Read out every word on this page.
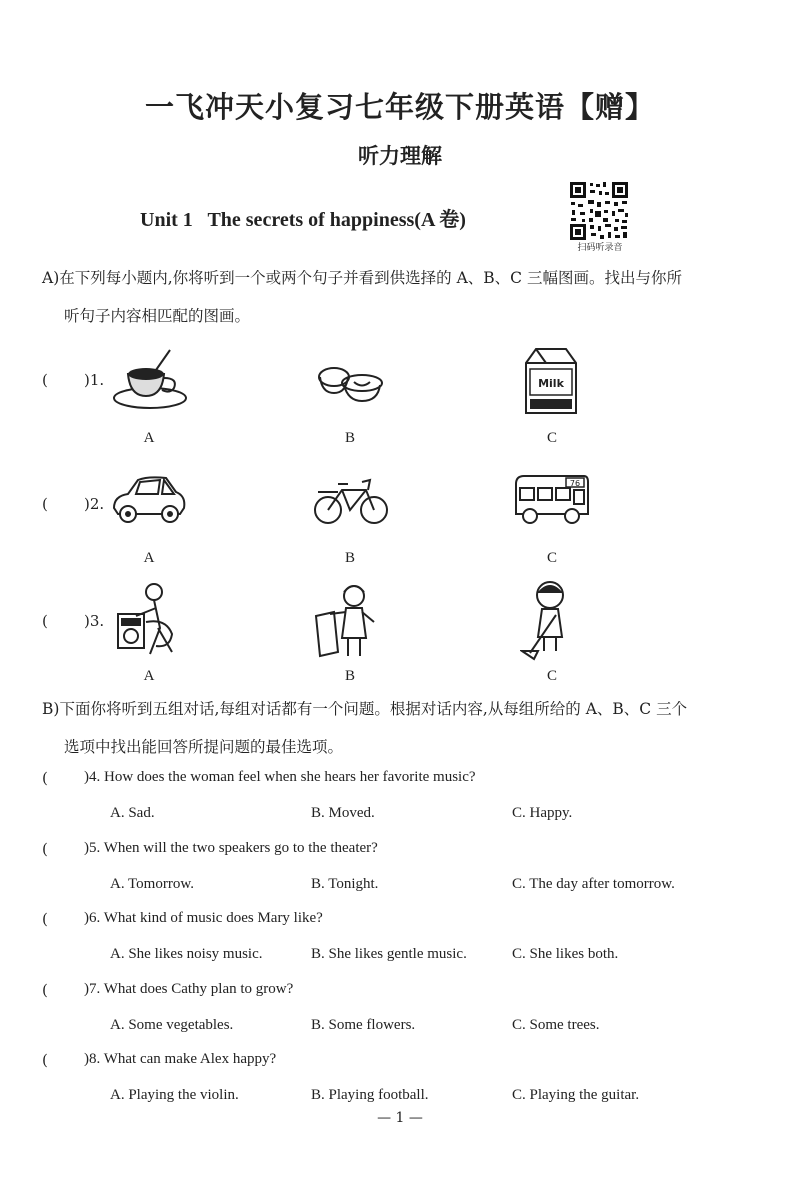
一飞冲天小复习七年级下册英语【赠】
听力理解
Unit 1 The secrets of happiness(A 卷)
扫码听录音
A)在下列每小题内,你将听到一个或两个句子并看到供选择的 A、B、C 三幅图画。找出与你所
听句子内容相匹配的图画。
( )1.	Milk
A	B	C
( )2.
76
A	B	C
( )3.
A	B	C
B)下面你将听到五组对话,每组对话都有一个问题。根据对话内容,从每组所给的 A、B、C 三个
选项中找出能回答所提问题的最佳选项。
( )4. How does the woman feel when she hears her favorite music?
A. Sad.	B. Moved.	C. Happy.
( )5. When will the two speakers go to the theater?
A. Tomorrow.	B. Tonight.	C. The day after tomorrow.
( )6. What kind of music does Mary like?
A. She likes noisy music.	B. She likes gentle music.	C. She likes both.
( )7. What does Cathy plan to grow?
A. Some vegetables.	B. Some flowers.	C. Some trees.
( )8. What can make Alex happy?
A. Playing the violin.	B. Playing football.	C. Playing the guitar.
— 1 —
